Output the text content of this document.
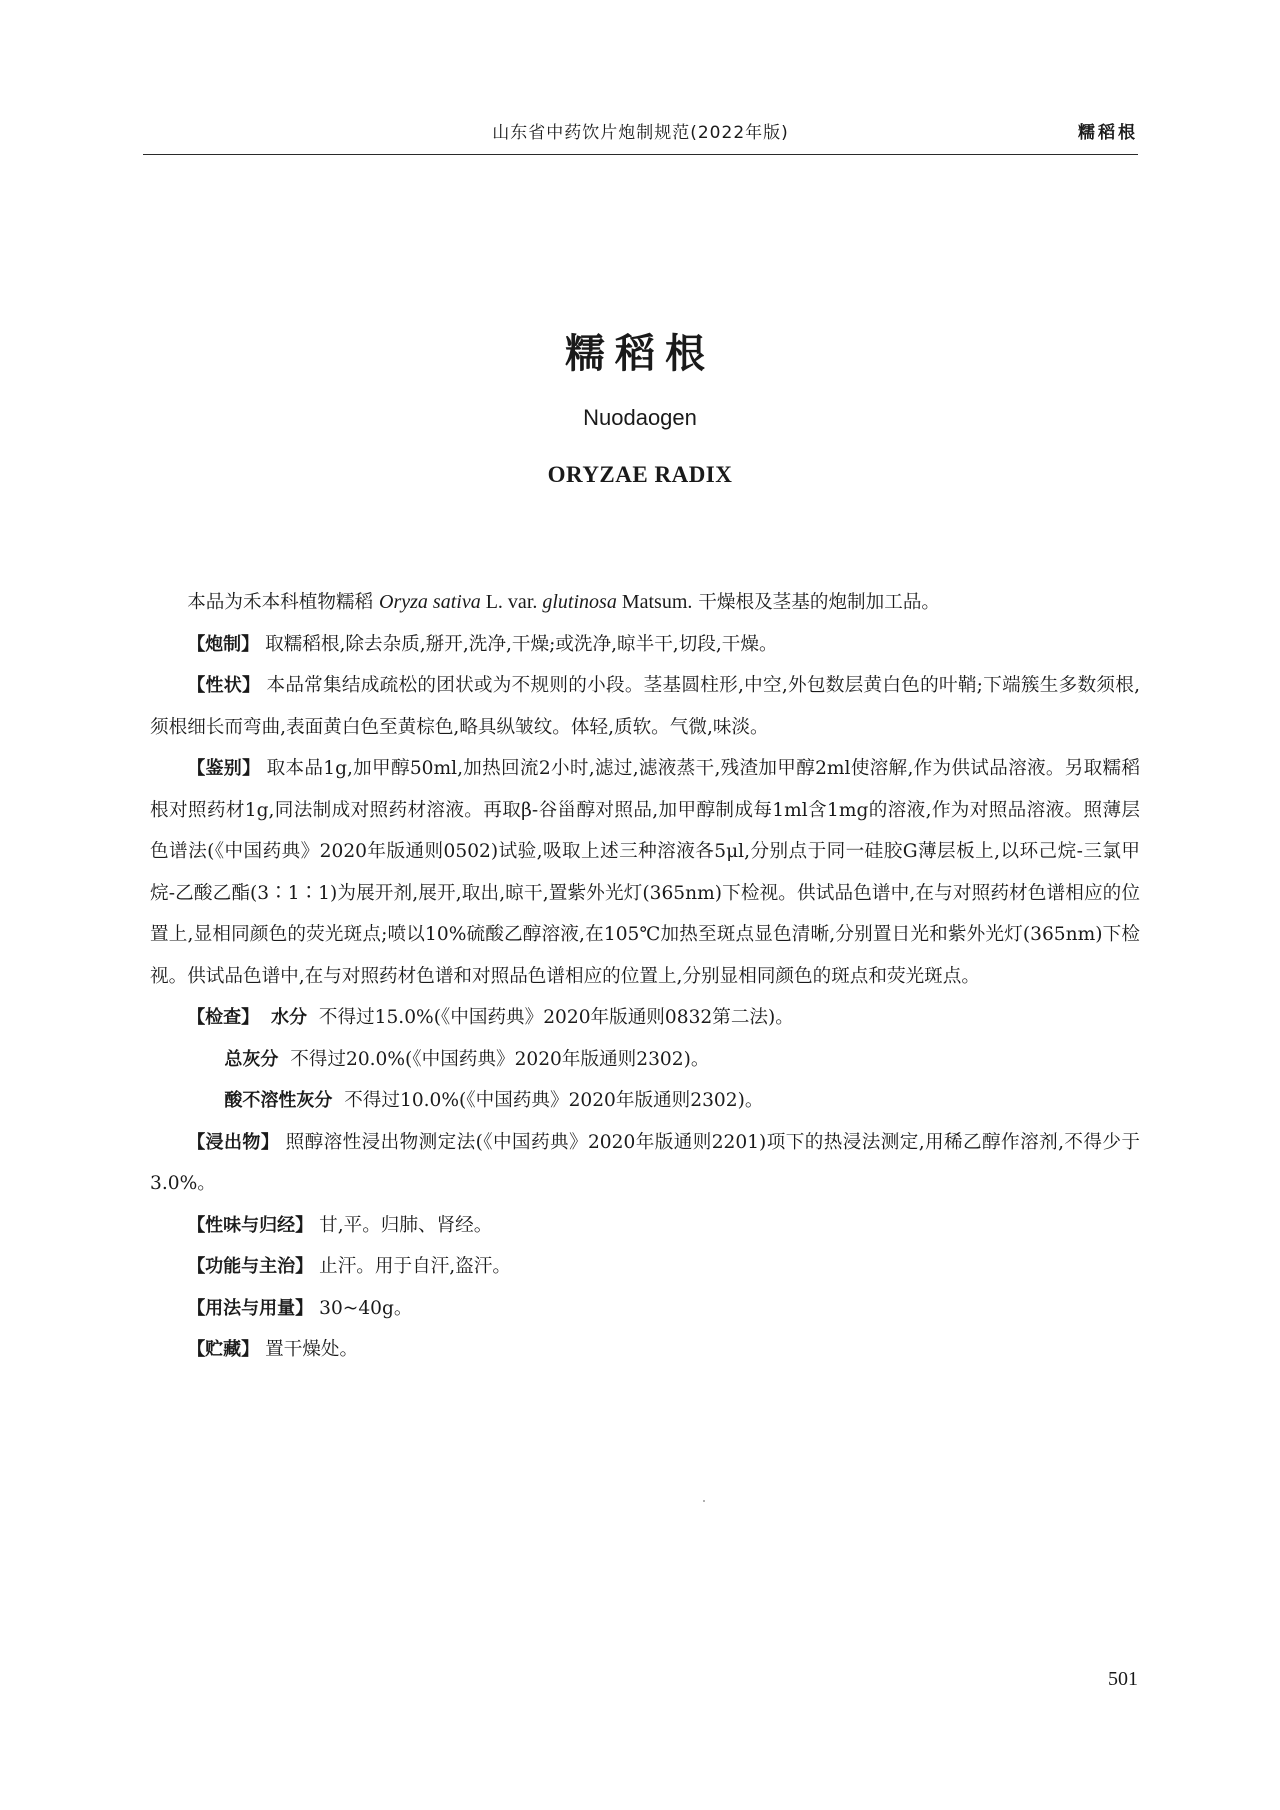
山东省中药饮片炮制规范(2022年版)	糯稻根
糯稻根
Nuodaogen
ORYZAE RADIX

本品为禾本科植物糯稻 Oryza sativa L. var. glutinosa Matsum. 干燥根及茎基的炮制加工品。

【炮制】 取糯稻根,除去杂质,掰开,洗净,干燥;或洗净,晾半干,切段,干燥。

【性状】 本品常集结成疏松的团状或为不规则的小段。茎基圆柱形,中空,外包数层黄白色的叶鞘;下端簇生多数须根,须根细长而弯曲,表面黄白色至黄棕色,略具纵皱纹。体轻,质软。气微,味淡。

【鉴别】 取本品1g,加甲醇50ml,加热回流2小时,滤过,滤液蒸干,残渣加甲醇2ml使溶解,作为供试品溶液。另取糯稻根对照药材1g,同法制成对照药材溶液。再取β-谷甾醇对照品,加甲醇制成每1ml含1mg的溶液,作为对照品溶液。照薄层色谱法(《中国药典》2020年版通则0502)试验,吸取上述三种溶液各5μl,分别点于同一硅胶G薄层板上,以环己烷-三氯甲烷-乙酸乙酯(3∶1∶1)为展开剂,展开,取出,晾干,置紫外光灯(365nm)下检视。供试品色谱中,在与对照药材色谱相应的位置上,显相同颜色的荧光斑点;喷以10%硫酸乙醇溶液,在105℃加热至斑点显色清晰,分别置日光和紫外光灯(365nm)下检视。供试品色谱中,在与对照药材色谱和对照品色谱相应的位置上,分别显相同颜色的斑点和荧光斑点。

【检查】 水分 不得过15.0%(《中国药典》2020年版通则0832第二法)。

总灰分 不得过20.0%(《中国药典》2020年版通则2302)。

酸不溶性灰分 不得过10.0%(《中国药典》2020年版通则2302)。

【浸出物】 照醇溶性浸出物测定法(《中国药典》2020年版通则2201)项下的热浸法测定,用稀乙醇作溶剂,不得少于3.0%。

【性味与归经】 甘,平。归肺、肾经。

【功能与主治】 止汗。用于自汗,盗汗。

【用法与用量】 30~40g。

【贮藏】 置干燥处。

501
